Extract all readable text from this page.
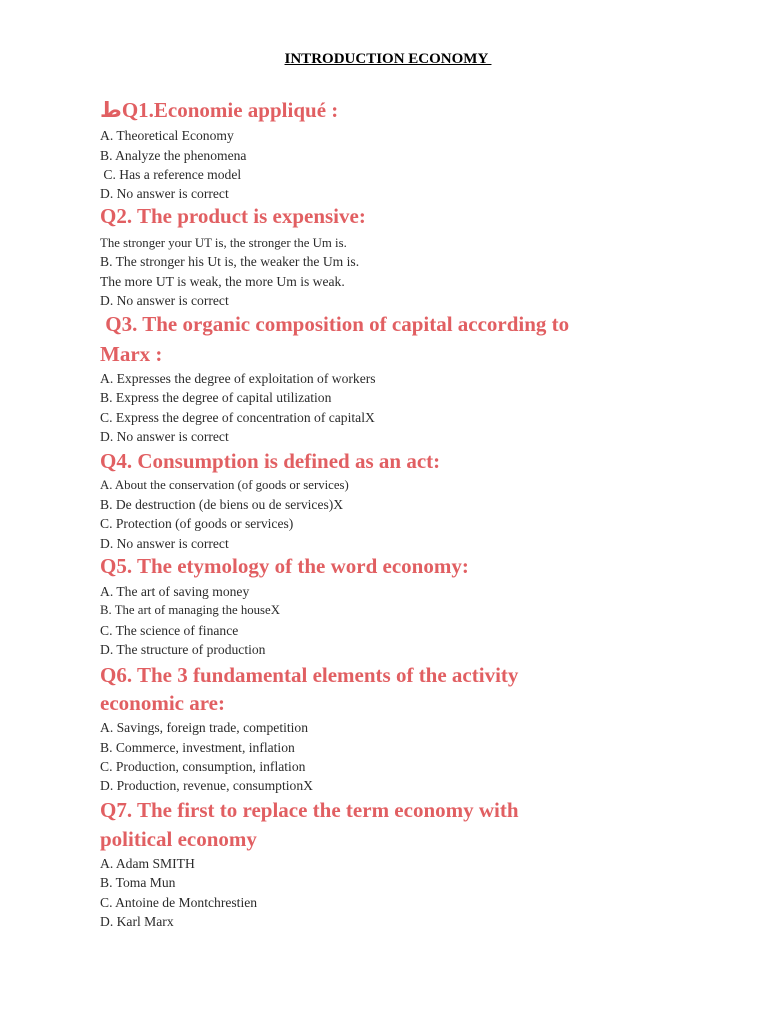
INTRODUCTION ECONOMY
طQ1.Economie appliqué :
A. Theoretical Economy
B. Analyze the phenomena
C. Has a reference model
D. No answer is correct
Q2. The product is expensive:
The stronger your UT is, the stronger the Um is.
B. The stronger his Ut is, the weaker the Um is.
The more UT is weak, the more Um is weak.
D. No answer is correct
Q3. The organic composition of capital according to
Marx :
A. Expresses the degree of exploitation of workers
B. Express the degree of capital utilization
C. Express the degree of concentration of capitalX
D. No answer is correct
Q4. Consumption is defined as an act:
A. About the conservation (of goods or services)
B. De destruction (de biens ou de services)X
C. Protection (of goods or services)
D. No answer is correct
Q5. The etymology of the word economy:
A. The art of saving money
B. The art of managing the houseX
C. The science of finance
D. The structure of production
Q6. The 3 fundamental elements of the activity
economic are:
A. Savings, foreign trade, competition
B. Commerce, investment, inflation
C. Production, consumption, inflation
D. Production, revenue, consumptionX
Q7. The first to replace the term economy with
political economy
A. Adam SMITH
B. Toma Mun
C. Antoine de Montchrestien
D. Karl Marx
